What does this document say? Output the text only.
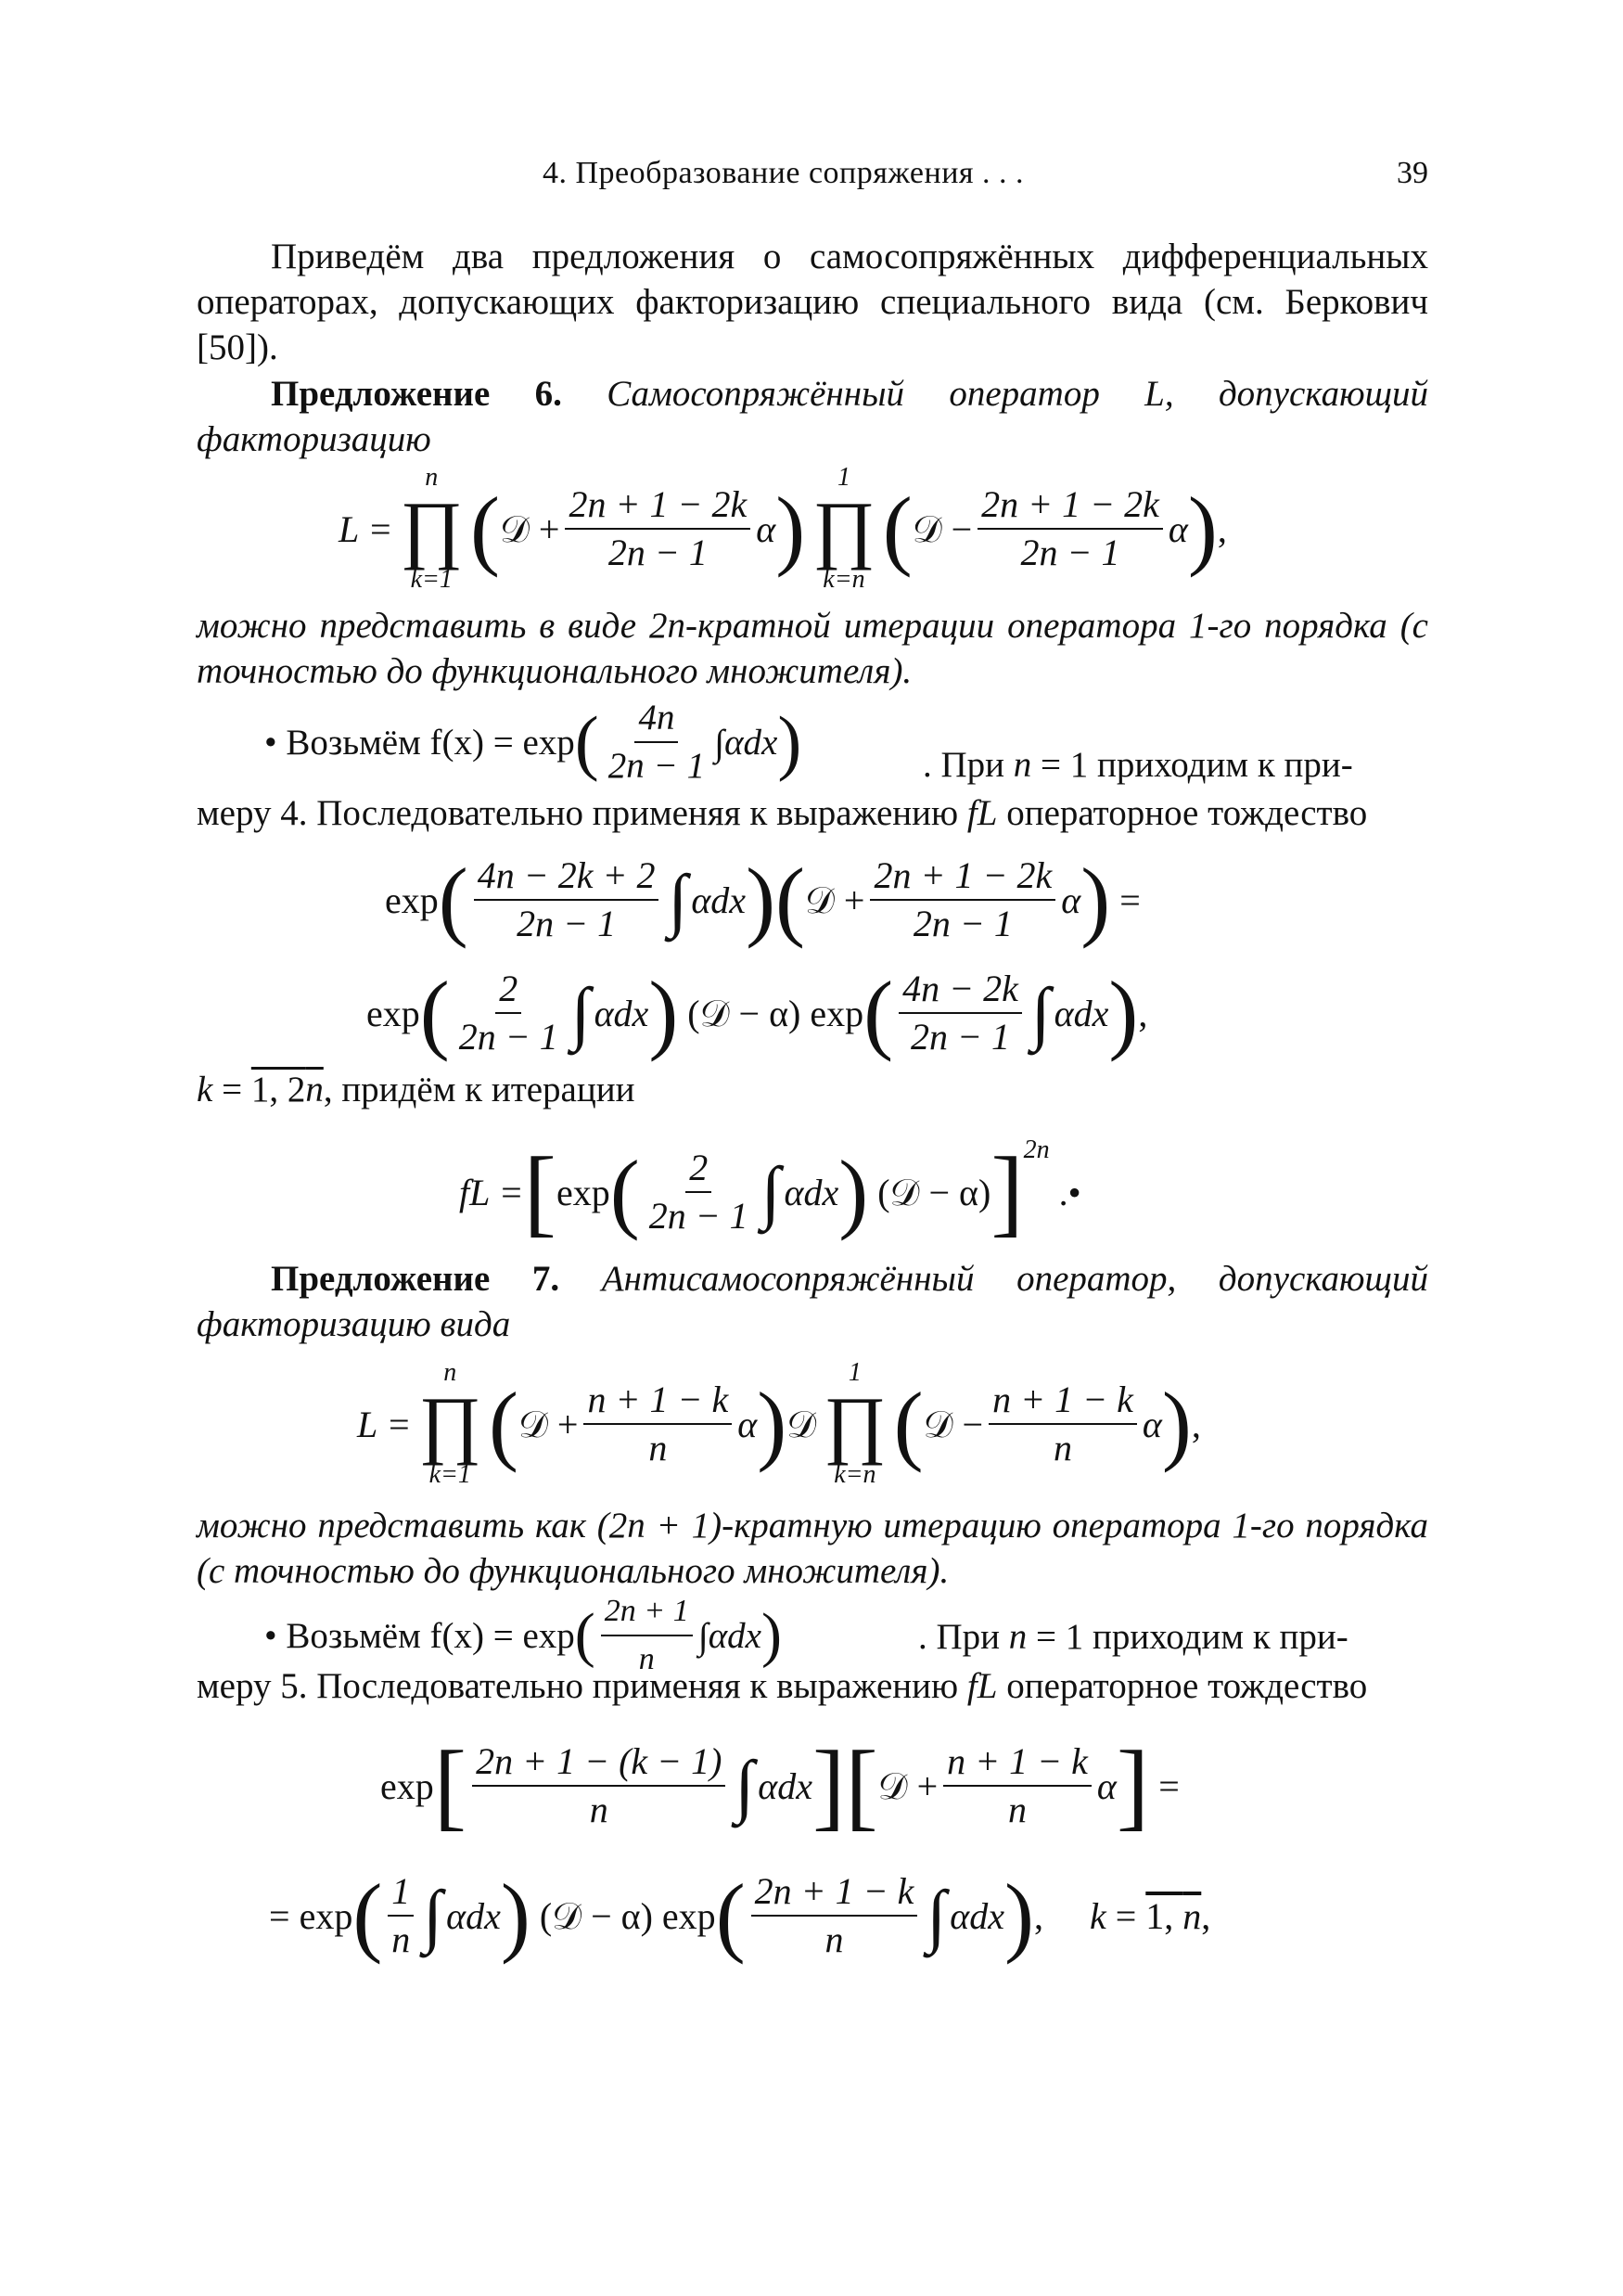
4. Преобразование сопряжения . . .	39
Приведём два предложения о самосопряжённых дифференциальных операторах, допускающих факторизацию специального вида (см. Беркович [50]).
Предложение 6. Самосопряжённый оператор L, допускающий факторизацию
L =
n
∏
k=1
( 𝒟 + $\frac{2n + 1 - 2k}{2n - 1}$ α )
1
∏
k=n
( 𝒟 − $\frac{2n + 1 - 2k}{2n - 1}$ α ) ,
можно представить в виде 2n-кратной итерации оператора 1-го порядка (с точностью до функционального множителя).
• Возьмём f(x) = exp ( $\frac{4n}{2n - 1}$ ∫ αdx )	. При n = 1 приходим к при-
меру 4. Последовательно применяя к выражению fL операторное тождество
exp ( $\frac{4n - 2k + 2}{2n - 1}$ ∫ αdx ) ( 𝒟 + $\frac{2n + 1 - 2k}{2n - 1}$ α ) =
exp ( $\frac{2}{2n - 1}$ ∫ αdx ) (𝒟 − α) exp ( $\frac{4n - 2k}{2n - 1}$ ∫ αdx ) ,
k = 1, 2n, придём к итерации
fL = [ exp ( $\frac{2}{2n - 1}$ ∫ αdx ) (𝒟 − α) ] 2n
.•
Предложение 7. Антисамосопряжённый оператор, допускающий факторизацию вида
L =
n
∏
k=1
( 𝒟 + $\frac{n + 1 - k}{n}$ α ) 𝒟
1
∏
k=n
( 𝒟 − $\frac{n + 1 - k}{n}$ α ) ,
можно представить как (2n + 1)-кратную итерацию оператора 1-го порядка (с точностью до функционального множителя).
• Возьмём f(x) = exp ( $\frac{2n + 1}{n}$ ∫ αdx )	. При n = 1 приходим к при-
меру 5. Последовательно применяя к выражению fL операторное тождество
exp [ $\frac{2n + 1 - (k - 1)}{n}$ ∫ αdx ] [ 𝒟 + $\frac{n + 1 - k}{n}$ α ] =
= exp ( $\frac{1}{n}$ ∫ αdx ) (𝒟 − α) exp ( $\frac{2n + 1 - k}{n}$ ∫ αdx ) , k = 1, n ,
